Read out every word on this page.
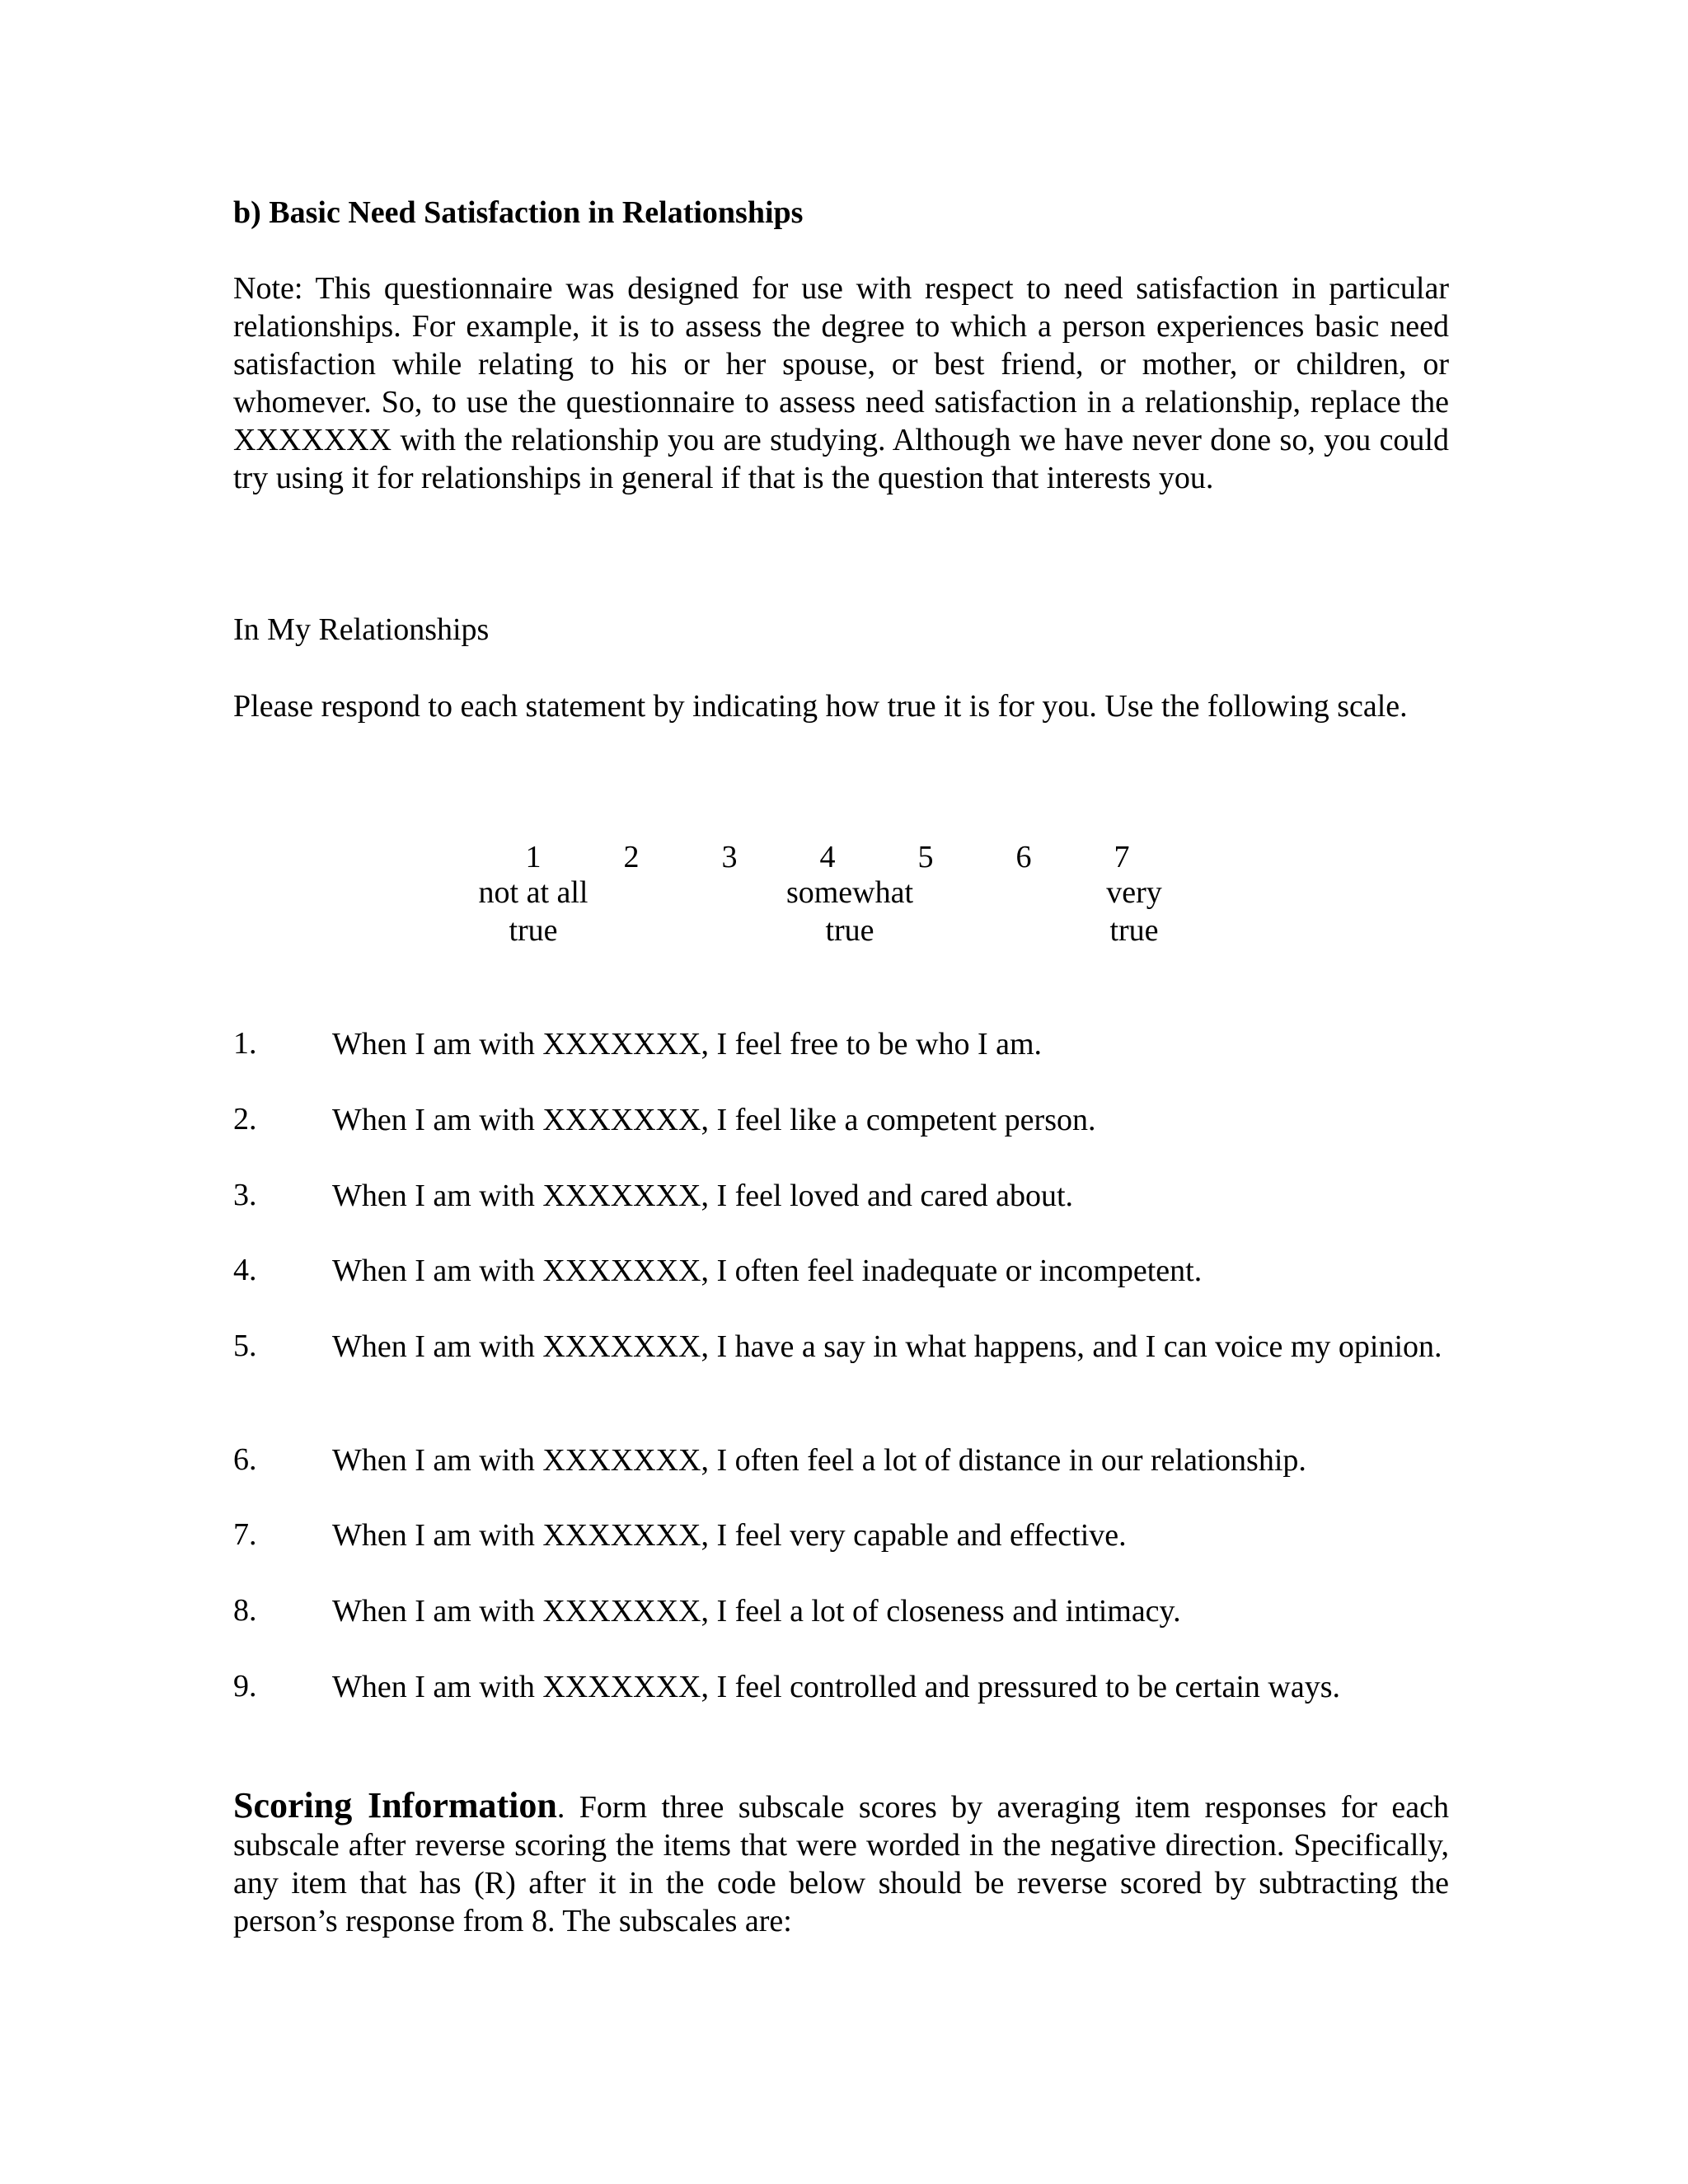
b) Basic Need Satisfaction in Relationships
Note: This questionnaire was designed for use with respect to need satisfaction in particular relationships. For example, it is to assess the degree to which a person experiences basic need satisfaction while relating to his or her spouse, or best friend, or mother, or children, or whomever. So, to use the questionnaire to assess need satisfaction in a relationship, replace the XXXXXXX with the relationship you are studying. Although we have never done so, you could try using it for relationships in general if that is the question that interests you.
In My Relationships
Please respond to each statement by indicating how true it is for you. Use the following scale.
1	2	3	4	5	6	7
not at all
true
somewhat
true
very
true
1. When I am with XXXXXXX, I feel free to be who I am.
2. When I am with XXXXXXX, I feel like a competent person.
3. When I am with XXXXXXX, I feel loved and cared about.
4. When I am with XXXXXXX, I often feel inadequate or incompetent.
5. When I am with XXXXXXX, I have a say in what happens, and I can voice my opinion.
6. When I am with XXXXXXX, I often feel a lot of distance in our relationship.
7. When I am with XXXXXXX, I feel very capable and effective.
8. When I am with XXXXXXX, I feel a lot of closeness and intimacy.
9. When I am with XXXXXXX, I feel controlled and pressured to be certain ways.
Scoring Information. Form three subscale scores by averaging item responses for each subscale after reverse scoring the items that were worded in the negative direction. Specifically, any item that has (R) after it in the code below should be reverse scored by subtracting the person’s response from 8. The subscales are:
